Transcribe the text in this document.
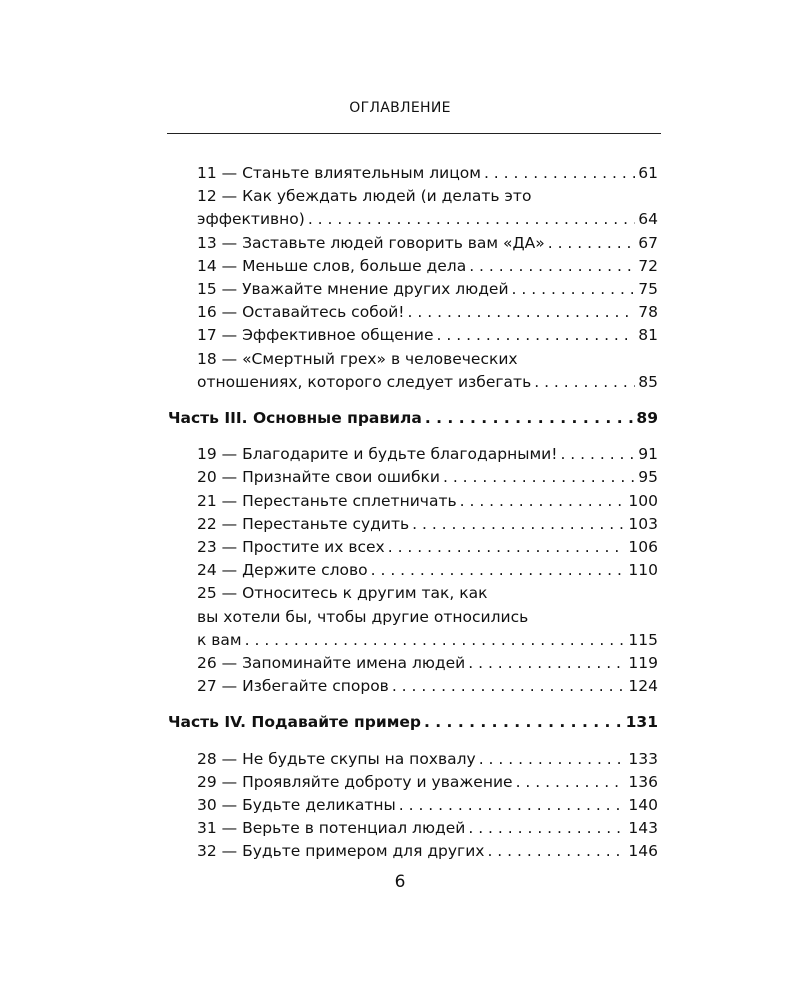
ОГЛАВЛЕНИЕ
11 — Станьте влиятельным лицом . . .	61
12 — Как убеждать людей (и делать это
эффективно) . . .	64
13 — Заставьте людей говорить вам «ДА» . . .	67
14 — Меньше слов, больше дела . . .	72
15 — Уважайте мнение других людей . . .	75
16 — Оставайтесь собой! . . .	78
17 — Эффективное общение . . .	81
18 — «Смертный грех» в человеческих
отношениях, которого следует избегать . . .	85
Часть III. Основные правила . . .	89
19 — Благодарите и будьте благодарными! . . .	91
20 — Признайте свои ошибки . . .	95
21 — Перестаньте сплетничать . . .	100
22 — Перестаньте судить . . .	103
23 — Простите их всех . . .	106
24 — Держите слово . . .	110
25 — Относитесь к другим так, как
вы хотели бы, чтобы другие относились
к вам . . .	115
26 — Запоминайте имена людей . . .	119
27 — Избегайте споров . . .	124
Часть IV. Подавайте пример . . .	131
28 — Не будьте скупы на похвалу . . .	133
29 — Проявляйте доброту и уважение . . .	136
30 — Будьте деликатны . . .	140
31 — Верьте в потенциал людей . . .	143
32 — Будьте примером для других . . .	146
6
